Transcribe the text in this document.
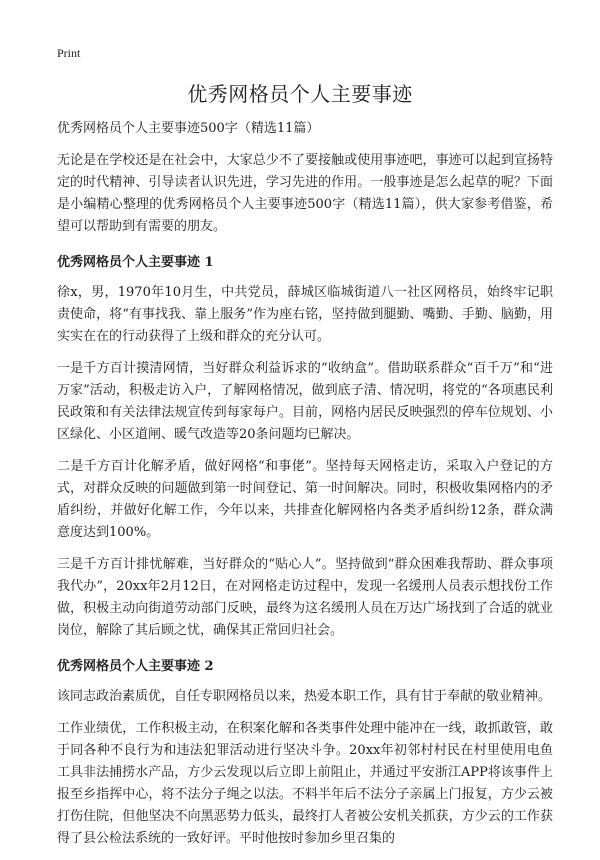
Print
优秀网格员个人主要事迹

优秀网格员个人主要事迹500字（精选11篇）

无论是在学校还是在社会中，大家总少不了要接触或使用事迹吧，事迹可以起到宣扬特定的时代精神、引导读者认识先进，学习先进的作用。一般事迹是怎么起草的呢？下面是小编精心整理的优秀网格员个人主要事迹500字（精选11篇），供大家参考借鉴，希望可以帮助到有需要的朋友。

优秀网格员个人主要事迹 1

徐x，男，1970年10月生，中共党员，薛城区临城街道八一社区网格员，始终牢记职责使命，将“有事找我、靠上服务”作为座右铭，坚持做到腿勤、嘴勤、手勤、脑勤，用实实在在的行动获得了上级和群众的充分认可。

一是千方百计摸清网情，当好群众利益诉求的“收纳盒”。借助联系群众“百千万”和“进万家”活动，积极走访入户，了解网格情况，做到底子清、情况明，将党的“各项惠民利民政策和有关法律法规宣传到每家每户。目前，网格内居民反映强烈的停车位规划、小区绿化、小区道闸、暖气改造等20条问题均已解决。

二是千方百计化解矛盾，做好网格“和事佬”。坚持每天网格走访，采取入户登记的方式，对群众反映的问题做到第一时间登记、第一时间解决。同时，积极收集网格内的矛盾纠纷，并做好化解工作，今年以来，共排查化解网格内各类矛盾纠纷12条，群众满意度达到100%。

三是千方百计排忧解难，当好群众的“贴心人”。坚持做到“群众困难我帮助、群众事项我代办”，20xx年2月12日，在对网格走访过程中，发现一名缓刑人员表示想找份工作做，积极主动向街道劳动部门反映，最终为这名缓刑人员在万达广场找到了合适的就业岗位，解除了其后顾之忧，确保其正常回归社会。

优秀网格员个人主要事迹 2

该同志政治素质优，自任专职网格员以来，热爱本职工作，具有甘于奉献的敬业精神。

工作业绩优，工作积极主动，在积案化解和各类事件处理中能冲在一线，敢抓敢管，敢于同各种不良行为和违法犯罪活动进行坚决斗争。20xx年初邻村村民在村里使用电鱼工具非法捕捞水产品，方少云发现以后立即上前阻止，并通过平安浙江APP将该事件上报至乡指挥中心，将不法分子绳之以法。不料半年后不法分子亲属上门报复，方少云被打伤住院，但他坚决不向黑恶势力低头，最终打人者被公安机关抓获，方少云的工作获得了县公检法系统的一致好评。平时他按时参加乡里召集的
